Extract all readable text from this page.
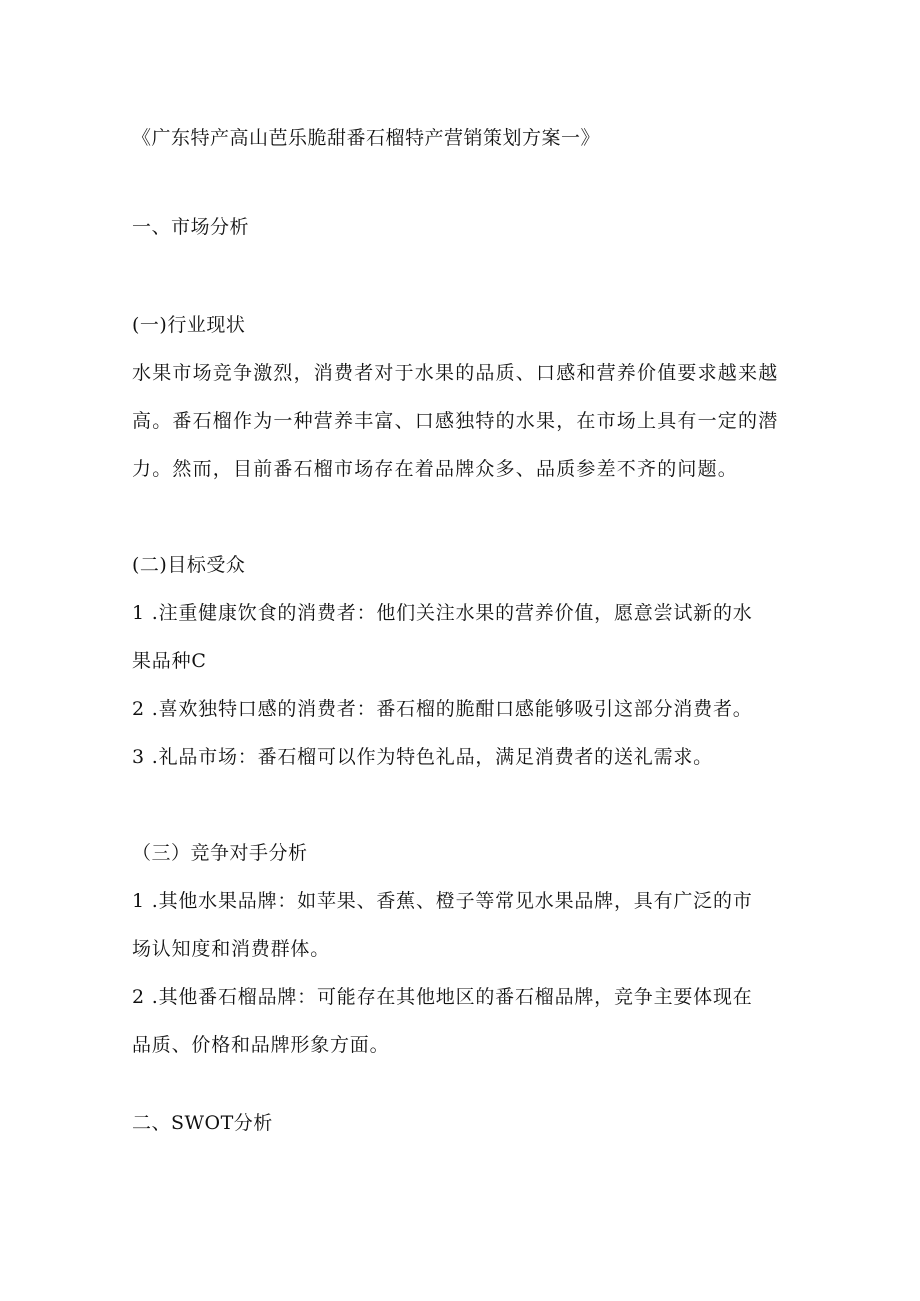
《广东特产高山芭乐脆甜番石榴特产营销策划方案一》
一、市场分析
(一)行业现状
水果市场竞争激烈，消费者对于水果的品质、口感和营养价值要求越来越
高。番石榴作为一种营养丰富、口感独特的水果，在市场上具有一定的潜
力。然而，目前番石榴市场存在着品牌众多、品质参差不齐的问题。
(二)目标受众
1 .注重健康饮食的消费者：他们关注水果的营养价值，愿意尝试新的水
果品种C
2 .喜欢独特口感的消费者：番石榴的脆酣口感能够吸引这部分消费者。
3 .礼品市场：番石榴可以作为特色礼品，满足消费者的送礼需求。
（三）竞争对手分析
1 .其他水果品牌：如苹果、香蕉、橙子等常见水果品牌，具有广泛的市
场认知度和消费群体。
2 .其他番石榴品牌：可能存在其他地区的番石榴品牌，竞争主要体现在
品质、价格和品牌形象方面。
二、SWOT分析
